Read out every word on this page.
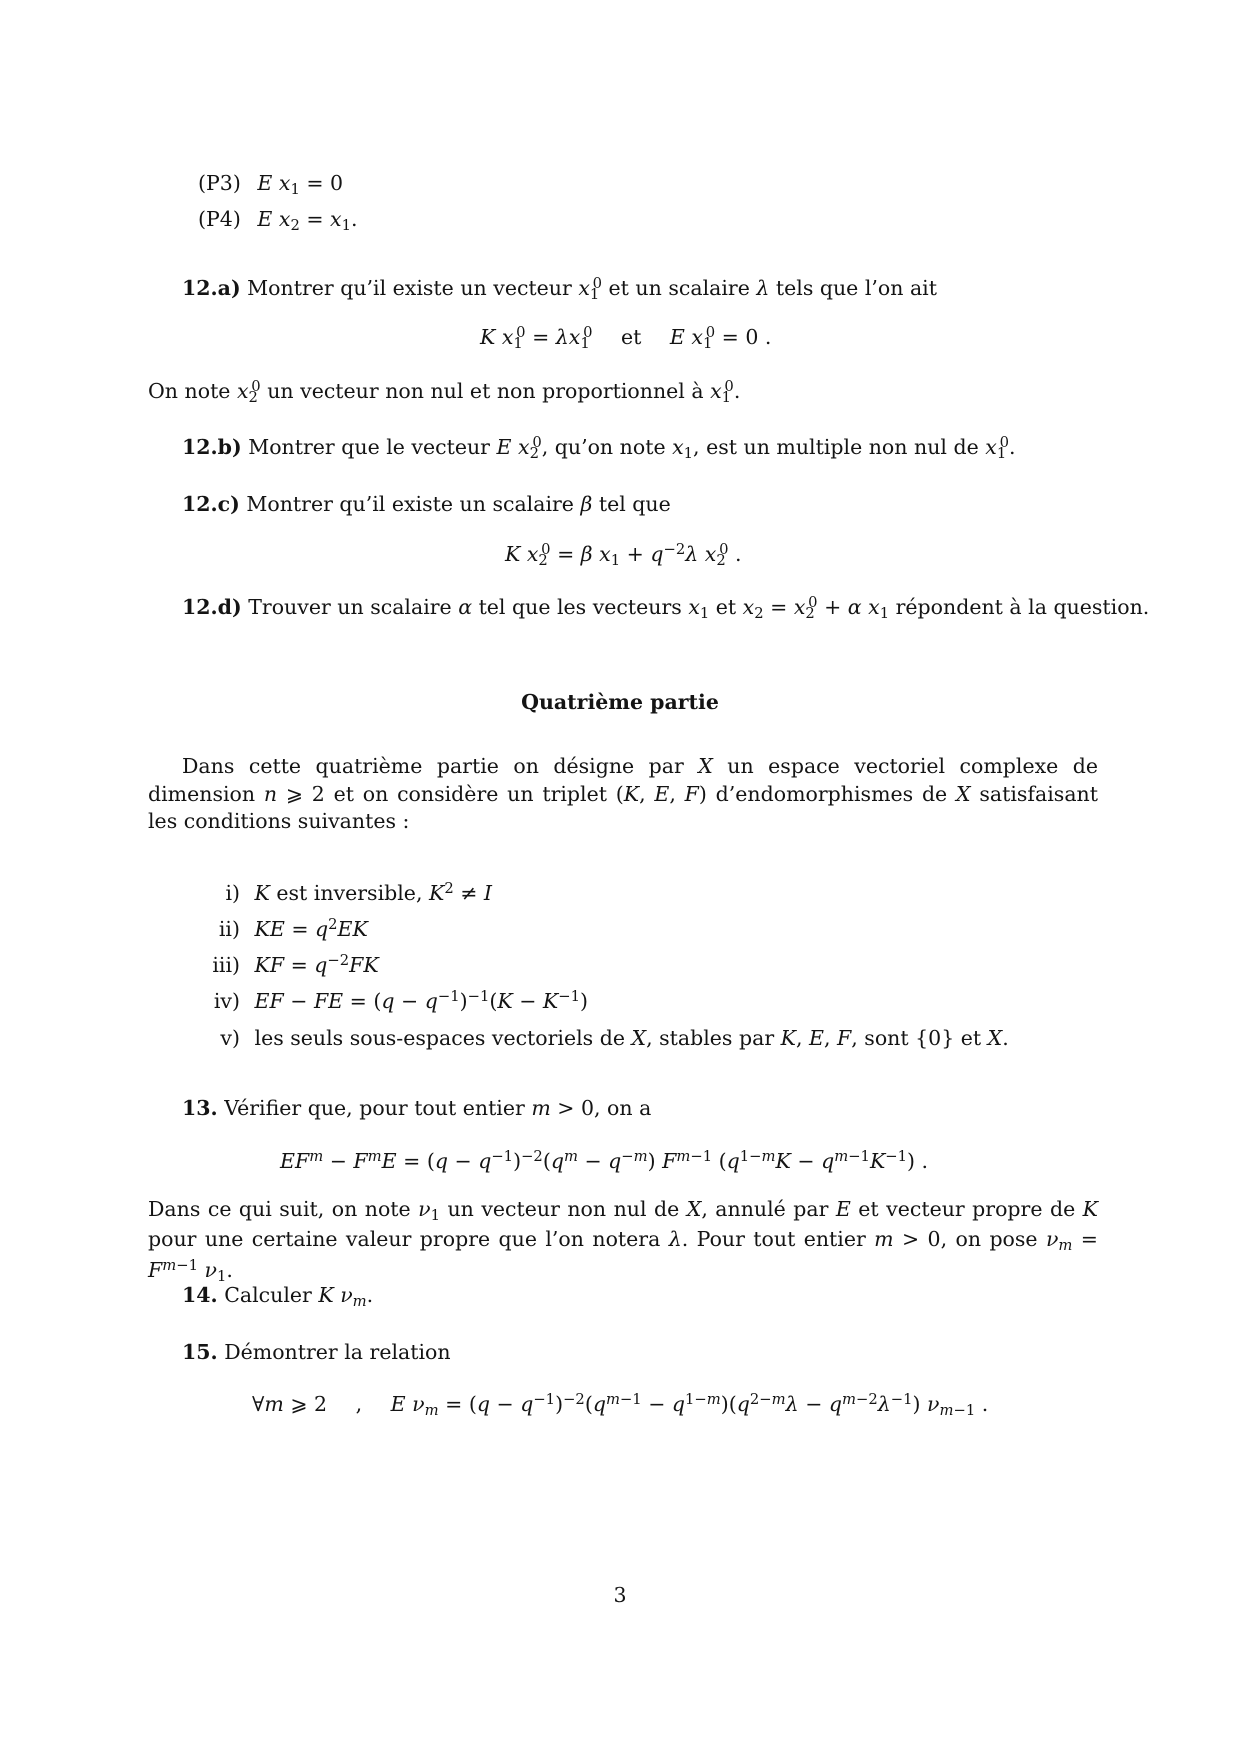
(P3) E $x_1 = 0$
(P4) E $x_2 = x_1$.
12.a) Montrer qu’il existe un vecteur $x_1^0$ et un scalaire λ tels que l’on ait
K $x_1^0 = \lambda x_1^0$ et E $x_1^0 = 0$ .
On note $x_2^0$ un vecteur non nul et non proportionnel à $x_1^0$.
12.b) Montrer que le vecteur E $x_2^0$, qu’on note $x_1$, est un multiple non nul de $x_1^0$.
12.c) Montrer qu’il existe un scalaire β tel que
K $x_2^0 = \beta$ $x_1 + q^{-2}\lambda$ $x_2^0$ .
12.d) Trouver un scalaire α tel que les vecteurs $x_1$ et $x_2 = x_2^0 + \alpha$ $x_1$ répondent à la question.
Quatrième partie
Dans cette quatrième partie on désigne par X un espace vectoriel complexe de dimension n ⩾ 2 et on considère un triplet (K, E, F) d’endomorphismes de X satisfaisant les conditions suivantes :
i) K est inversible, $K^2 \ne I$
ii) KE = $q^2EK$
iii) KF = $q^{-2}FK$
iv) EF − FE = $(q - q^{-1})^{-1}(K - K^{-1})$
v) les seuls sous-espaces vectoriels de X, stables par K, E, F, sont {0} et X.
13. Vérifier que, pour tout entier m > 0, on a
$EF^m - F^mE = (q - q^{-1})^{-2}(q^m - q^{-m})$ $F^{m-1}$ $(q^{1-m}K - q^{m-1}K^{-1})$ .
Dans ce qui suit, on note $\nu_1$ un vecteur non nul de X, annulé par E et vecteur propre de K pour une certaine valeur propre que l’on notera λ. Pour tout entier m > 0, on pose $\nu_m = F^{m-1}$ $\nu_1$.
14. Calculer K $\nu_m$.
15. Démontrer la relation
∀m ⩾ 2 , E $\nu_m = (q - q^{-1})^{-2}(q^{m-1} - q^{1-m})(q^{2-m}\lambda - q^{m-2}\lambda^{-1})$ $\nu_{m-1}$ .
3
